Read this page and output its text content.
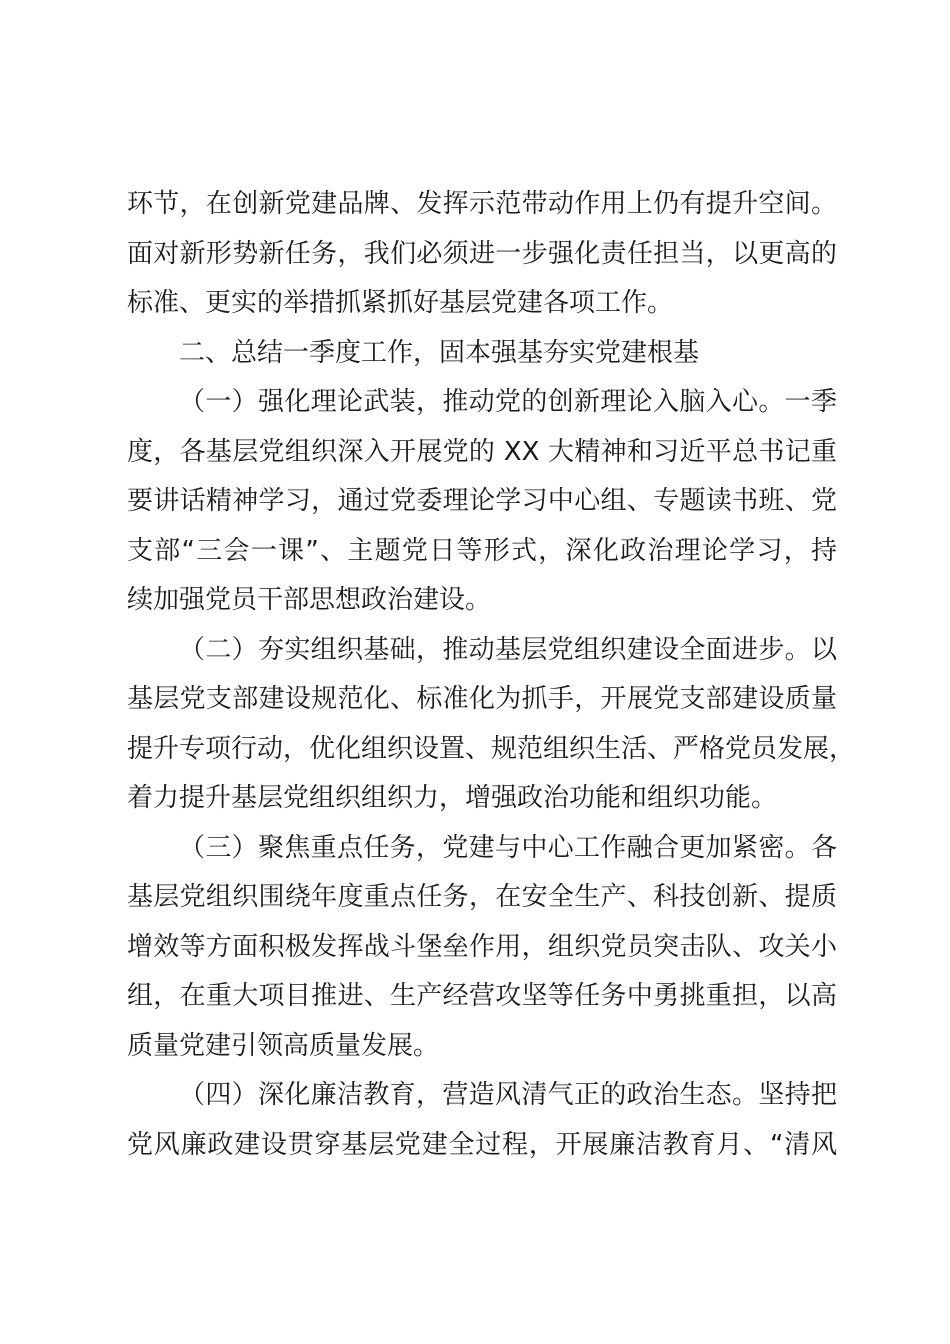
环节，在创新党建品牌、发挥示范带动作用上仍有提升空间。
面对新形势新任务，我们必须进一步强化责任担当，以更高的
标准、更实的举措抓紧抓好基层党建各项工作。
二、总结一季度工作，固本强基夯实党建根基
（一）强化理论武装，推动党的创新理论入脑入心。一季
度，各基层党组织深入开展党的 XX 大精神和习近平总书记重
要讲话精神学习，通过党委理论学习中心组、专题读书班、党
支部“三会一课”、主题党日等形式，深化政治理论学习，持
续加强党员干部思想政治建设。
（二）夯实组织基础，推动基层党组织建设全面进步。以
基层党支部建设规范化、标准化为抓手，开展党支部建设质量
提升专项行动，优化组织设置、规范组织生活、严格党员发展，
着力提升基层党组织组织力，增强政治功能和组织功能。
（三）聚焦重点任务，党建与中心工作融合更加紧密。各
基层党组织围绕年度重点任务，在安全生产、科技创新、提质
增效等方面积极发挥战斗堡垒作用，组织党员突击队、攻关小
组，在重大项目推进、生产经营攻坚等任务中勇挑重担，以高
质量党建引领高质量发展。
（四）深化廉洁教育，营造风清气正的政治生态。坚持把
党风廉政建设贯穿基层党建全过程，开展廉洁教育月、“清风
